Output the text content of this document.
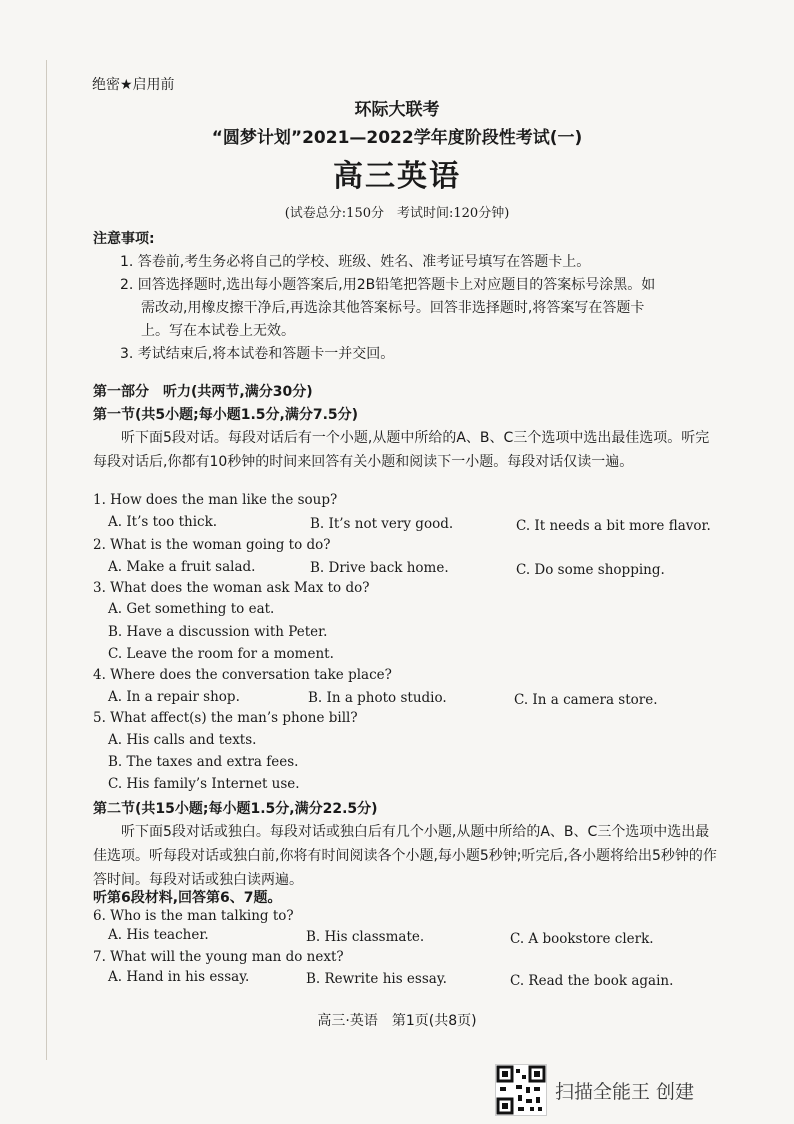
绝密★启用前
环际大联考
“圆梦计划”2021—2022学年度阶段性考试(一)
高三英语
(试卷总分:150分　考试时间:120分钟)
注意事项:
1. 答卷前,考生务必将自己的学校、班级、姓名、准考证号填写在答题卡上。
2. 回答选择题时,选出每小题答案后,用2B铅笔把答题卡上对应题目的答案标号涂黑。如
需改动,用橡皮擦干净后,再选涂其他答案标号。回答非选择题时,将答案写在答题卡
上。写在本试卷上无效。
3. 考试结束后,将本试卷和答题卡一并交回。
第一部分　听力(共两节,满分30分)
第一节(共5小题;每小题1.5分,满分7.5分)
听下面5段对话。每段对话后有一个小题,从题中所给的A、B、C三个选项中选出最佳选项。听完每段对话后,你都有10秒钟的时间来回答有关小题和阅读下一小题。每段对话仅读一遍。
1. How does the man like the soup?
A. It’s too thick.	B. It’s not very good.	C. It needs a bit more flavor.
2. What is the woman going to do?
A. Make a fruit salad.	B. Drive back home.	C. Do some shopping.
3. What does the woman ask Max to do?
A. Get something to eat.
B. Have a discussion with Peter.
C. Leave the room for a moment.
4. Where does the conversation take place?
A. In a repair shop.	B. In a photo studio.	C. In a camera store.
5. What affect(s) the man’s phone bill?
A. His calls and texts.
B. The taxes and extra fees.
C. His family’s Internet use.
第二节(共15小题;每小题1.5分,满分22.5分)
听下面5段对话或独白。每段对话或独白后有几个小题,从题中所给的A、B、C三个选项中选出最佳选项。听每段对话或独白前,你将有时间阅读各个小题,每小题5秒钟;听完后,各小题将给出5秒钟的作答时间。每段对话或独白读两遍。
听第6段材料,回答第6、7题。
6. Who is the man talking to?
A. His teacher.	B. His classmate.	C. A bookstore clerk.
7. What will the young man do next?
A. Hand in his essay.	B. Rewrite his essay.	C. Read the book again.
高三·英语　第1页(共8页)
扫描全能王 创建
